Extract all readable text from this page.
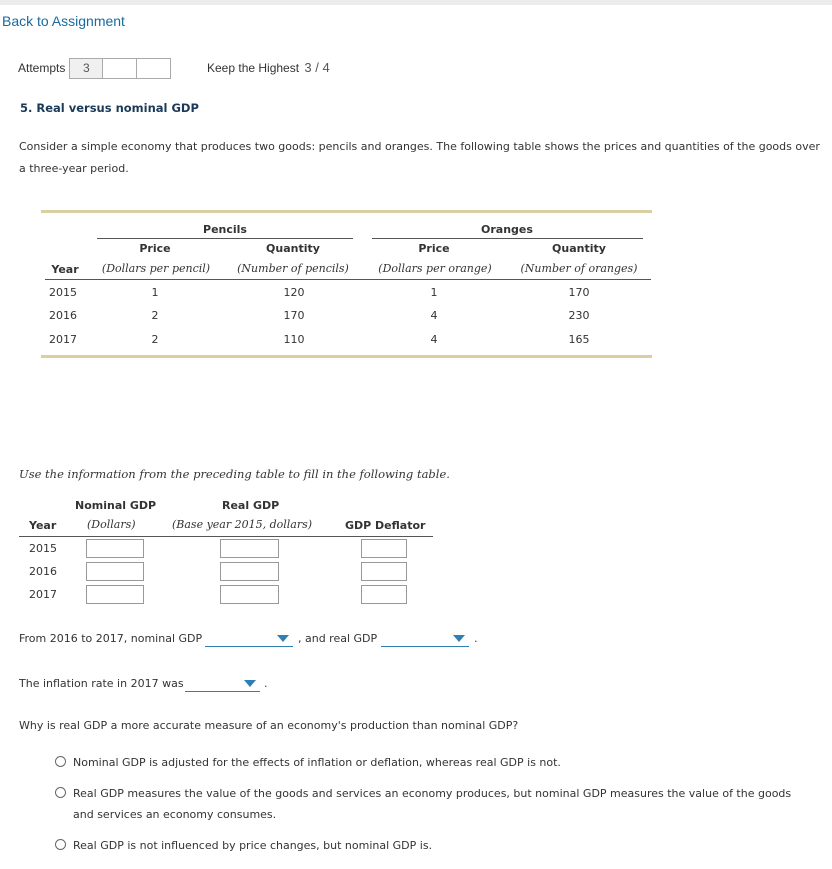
Back to Assignment
Attempts	3	Keep the Highest 3 / 4
5. Real versus nominal GDP
Consider a simple economy that produces two goods: pencils and oranges. The following table shows the prices and quantities of the goods over a three-year period.
Pencils	Oranges
Price	Quantity	Price	Quantity
Year	(Dollars per pencil)	(Number of pencils)	(Dollars per orange)	(Number of oranges)
2015	1	120	1	170
2016	2	170	4	230
2017	2	110	4	165
Use the information from the preceding table to fill in the following table.
Nominal GDP	Real GDP
Year	(Dollars)	(Base year 2015, dollars)	GDP Deflator
2015
2016
2017
From 2016 to 2017, nominal GDP	, and real GDP	.
The inflation rate in 2017 was	.
Why is real GDP a more accurate measure of an economy's production than nominal GDP?
Nominal GDP is adjusted for the effects of inflation or deflation, whereas real GDP is not.
Real GDP measures the value of the goods and services an economy produces, but nominal GDP measures the value of the goods and services an economy consumes.
Real GDP is not influenced by price changes, but nominal GDP is.
